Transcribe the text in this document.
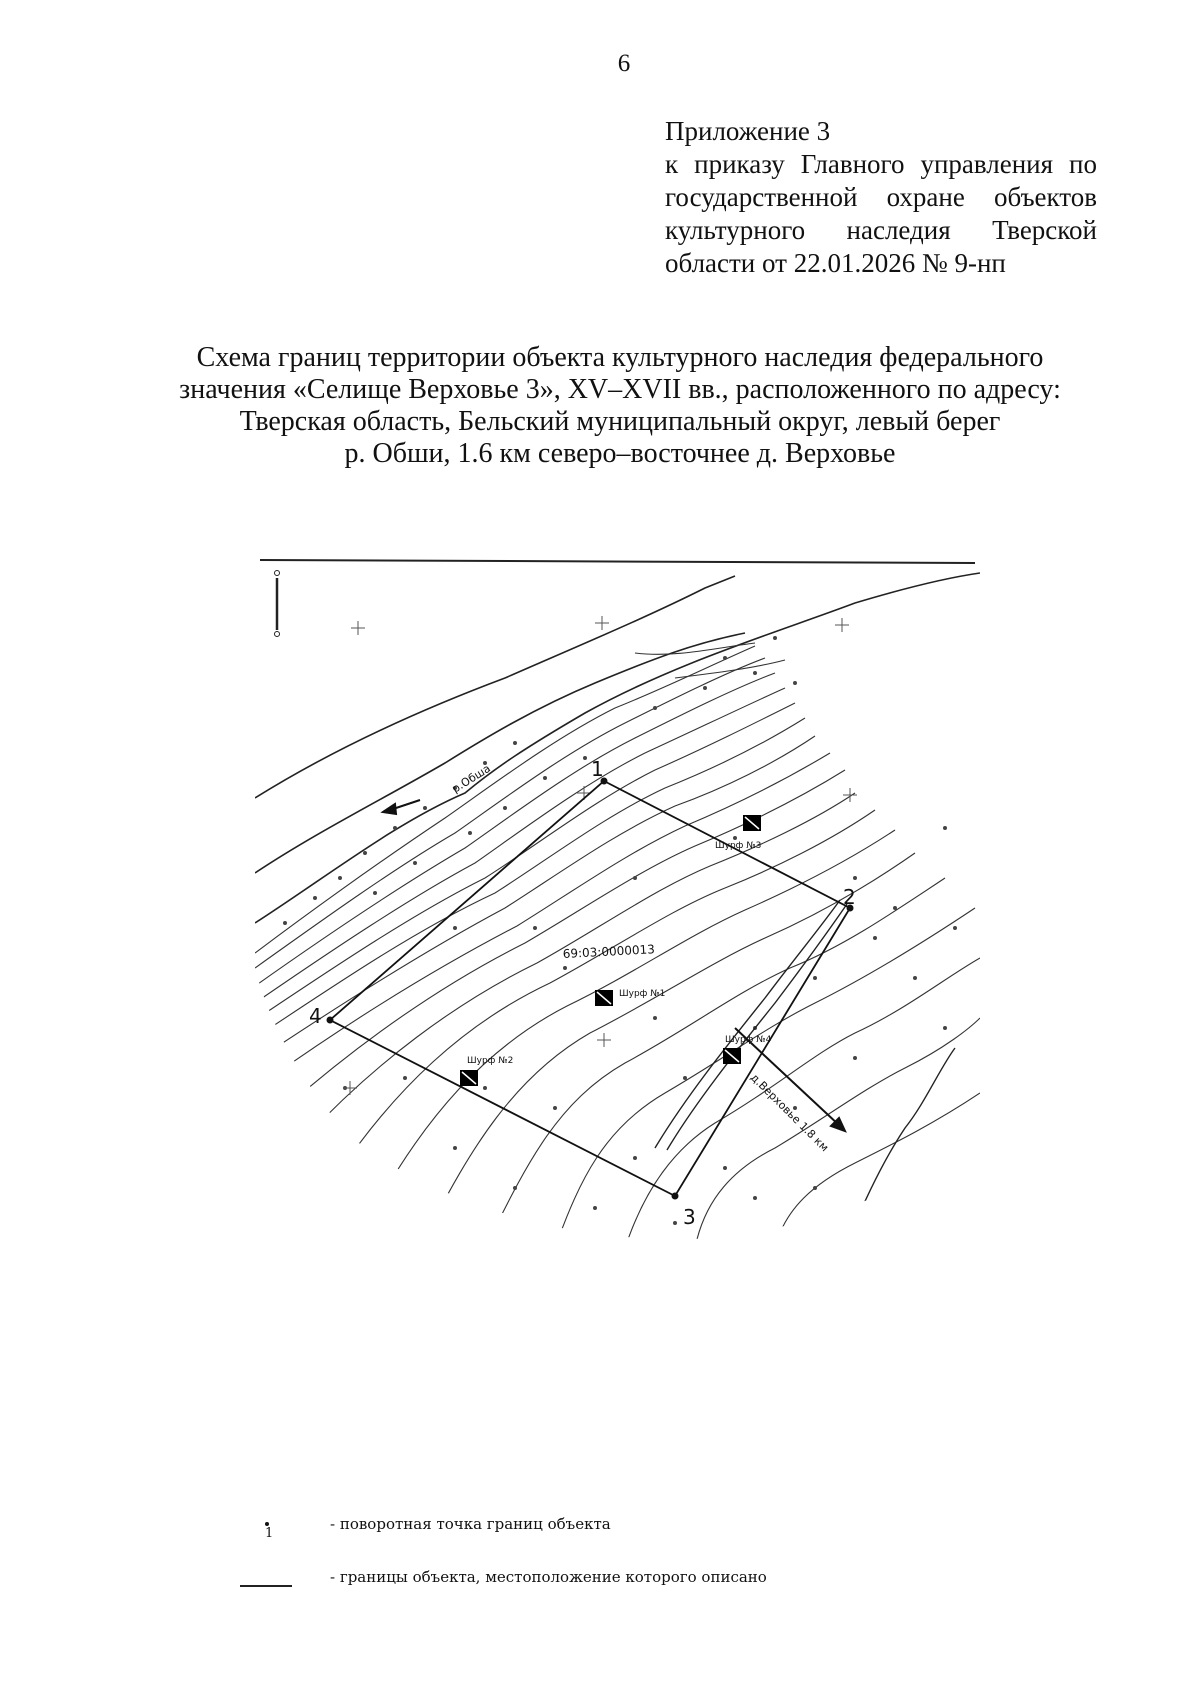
6
Приложение 3
к приказу Главного управления по
государственной охране объектов
культурного наследия Тверской
области от 22.01.2026 № 9-нп
Схема границ территории объекта культурного наследия федерального
значения «Селище Верховье 3», XV–XVII вв., расположенного по адресу:
Тверская область, Бельский муниципальный округ, левый берег
р. Обши, 1.6 км северо–восточнее д. Верховье
1
2
3
4
р.Обша
69:03:0000013
Шурф №3
Шурф №1
Шурф №2
Шурф №4
д.Верховье 1.8 км
1
- поворотная точка границ объекта
- границы объекта, местоположение которого описано
